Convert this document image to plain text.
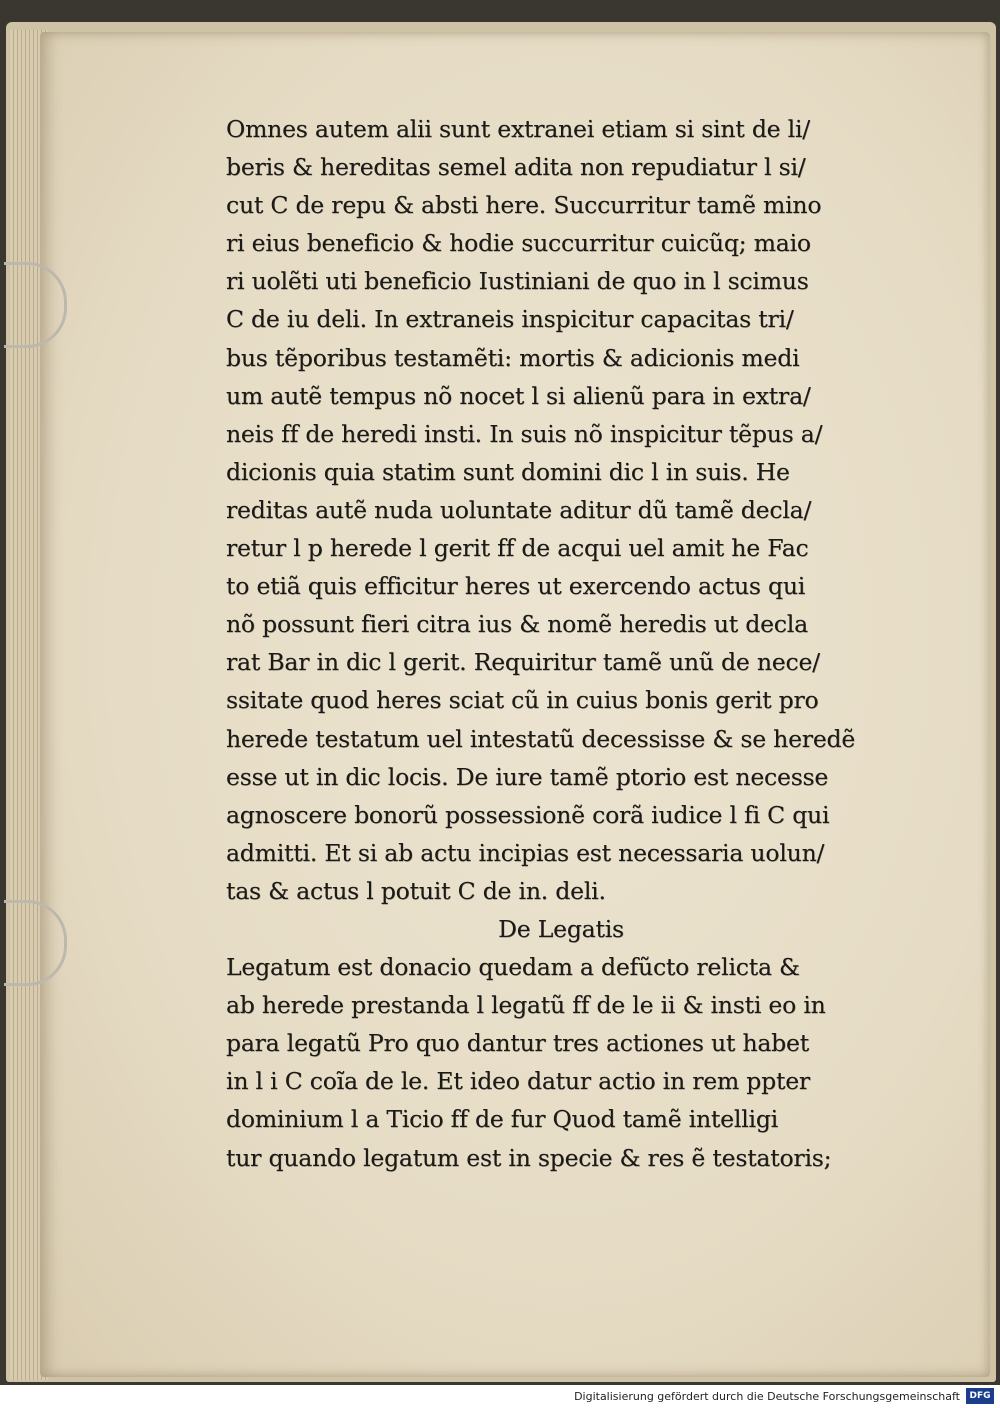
Omnes autem alii sunt extranei etiam si sint de li/
beris & hereditas semel adita non repudiatur l si/
cut C de repu & absti here. Succurritur tamẽ mino
ri eius beneficio & hodie succurritur cuicũq; maio
ri uolẽti uti beneficio Iustiniani de quo in l scimus
C de iu deli. In extraneis inspicitur capacitas tri/
bus tẽporibus testamẽti: mortis & adicionis medi
um autẽ tempus nõ nocet l si alienũ para in extra/
neis ff de heredi insti. In suis nõ inspicitur tẽpus a/
dicionis quia statim sunt domini dic l in suis. He
reditas autẽ nuda uoluntate aditur dũ tamẽ decla/
retur l p herede l gerit ff de acqui uel amit he Fac
to etiã quis efficitur heres ut exercendo actus qui
nõ possunt fieri citra ius & nomẽ heredis ut decla
rat Bar in dic l gerit. Requiritur tamẽ unũ de nece/
ssitate quod heres sciat cũ in cuius bonis gerit pro
herede testatum uel intestatũ decessisse & se heredẽ
esse ut in dic locis. De iure tamẽ ptorio est necesse
agnoscere bonorũ possessionẽ corã iudice l fi C qui
admitti. Et si ab actu incipias est necessaria uolun/
tas & actus l potuit C de in. deli.
De Legatis
Legatum est donacio quedam a defũcto relicta &
ab herede prestanda l legatũ ff de le ii & insti eo in
para legatũ Pro quo dantur tres actiones ut habet
in l i C coĩa de le. Et ideo datur actio in rem ppter
dominium l a Ticio ff de fur Quod tamẽ intelligi
tur quando legatum est in specie & res ẽ testatoris;
Digitalisierung gefördert durch die Deutsche Forschungsgemeinschaft	DFG
